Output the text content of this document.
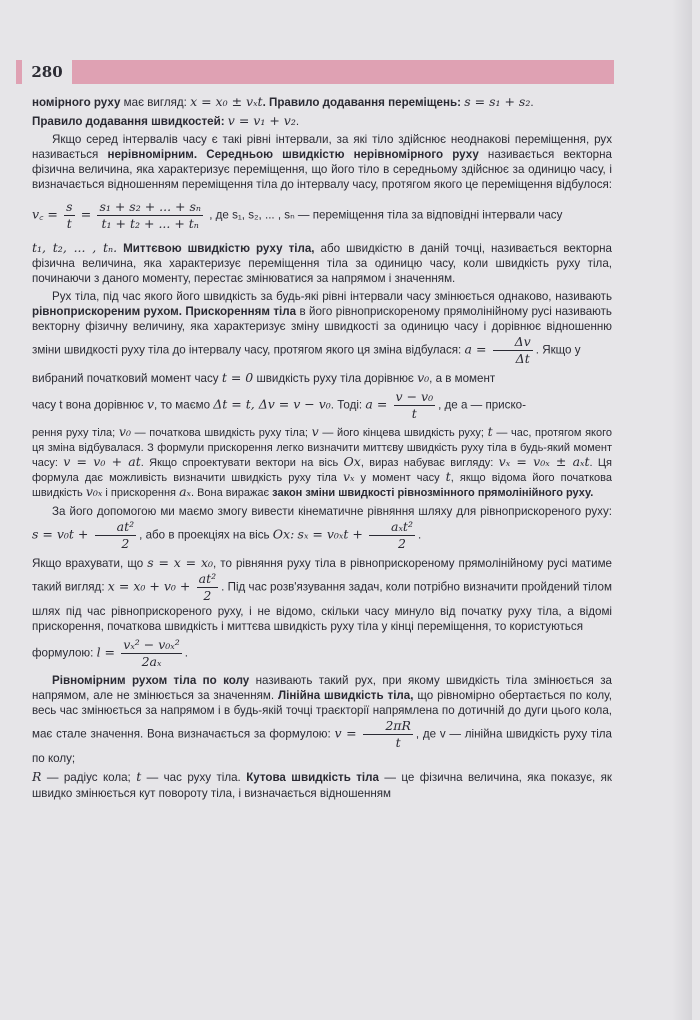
280

номірного руху має вигляд: x = x₀ ± vₓt. Правило додавання переміщень: s = s₁ + s₂.

Правило додавання швидкостей: v = v₁ + v₂.

Якщо серед інтервалів часу є такі рівні інтервали, за які тіло здійснює неоднакові переміщення, рух називається нерівномірним. Середньою швидкістю нерівномірного руху називається векторна фізична величина, яка характеризує переміщення, що його тіло в середньому здійснює за одиницю часу, і визначається відношенням переміщення тіла до інтервалу часу, протягом якого це переміщення відбулося:

v꜀ = $\frac{s}{t} = \frac{\text{s₁ + s₂ + ... + sₙ}}{\text{t₁ + t₂ + ... + tₙ}}$ , де s₁, s₂, ... , sₙ — переміщення тіла за відповідні інтервали часу

t₁, t₂, ... , tₙ. Миттєвою швидкістю руху тіла, або швидкістю в даній точці, називається векторна фізична величина, яка характеризує переміщення тіла за одиницю часу, коли швидкість руху тіла, починаючи з даного моменту, перестає змінюватися за напрямом і значенням.

Рух тіла, під час якого його швидкість за будь-які рівні інтервали часу змінюється однаково, називають рівноприскореним рухом. Прискоренням тіла в його рівноприскореному прямолінійному русі називають векторну фізичну величину, яка характеризує зміну швидкості за одиницю часу і дорівнює відношенню зміни швидкості руху тіла до інтервалу часу, протягом якого ця зміна відбулася: $a = \frac{\Delta v}{\Delta t}$ . Якщо у

вибраний початковий момент часу t = 0 швидкість руху тіла дорівнює v₀, а в момент

часу t вона дорівнює v, то маємо Δt = t, Δv = v − v₀. Тоді: $a = \frac{\text{v − v₀}}{t}$ , де a — приско-

рення руху тіла; v₀ — початкова швидкість руху тіла; v — його кінцева швидкість руху; t — час, протягом якого ця зміна відбувалася. З формули прискорення легко визначити миттєву швидкість руху тіла в будь-який момент часу: v = v₀ + at. Якщо спроектувати вектори на вісь Ox, вираз набуває вигляду: vₓ = v₀ₓ ± aₓt. Ця формула дає можливість визначити швидкість руху тіла vₓ у момент часу t, якщо відома його початкова швидкість v₀ₓ і прискорення aₓ. Вона виражає закон зміни швидкості рівнозмінного прямолінійного руху.

За його допомогою ми маємо змогу вивести кінематичне рівняння шляху для рівноприскореного руху: $s = v_0t + \frac{\text{at²}}{2}$ , або в проекціях на вісь Ox: $s_x = v_{0x}t + \frac{\text{aₓt²}}{2}$ .

Якщо врахувати, що s = x = x₀, то рівняння руху тіла в рівноприскореному прямолінійному русі матиме такий вигляд: $x = x_0 + v_0 + \frac{\text{at²}}{2}$ . Під час розв'язування задач, коли потрібно визначити пройдений тілом шлях під час рівноприскореного руху, і не відомо, скільки часу минуло від початку руху тіла, а відомі прискорення, початкова швидкість і миттєва швидкість руху тіла у кінці переміщення, то користуються

формулою: $l = \frac{\text{vₓ² − v₀ₓ²}}{\text{2aₓ}}$ .

Рівномірним рухом тіла по колу називають такий рух, при якому швидкість тіла змінюється за напрямом, але не змінюється за значенням. Лінійна швидкість тіла, що рівномірно обертається по колу, весь час змінюється за напрямом і в будь-якій точці траєкторії напрямлена по дотичній до дуги цього кола, має стале значення. Вона визначається за формулою: $v = \frac{2\pi R}{t}$ , де v — лінійна швидкість руху тіла по колу;

R — радіус кола; t — час руху тіла. Кутова швидкість тіла — це фізична величина, яка показує, як швидко змінюється кут повороту тіла, і визначається відношенням
